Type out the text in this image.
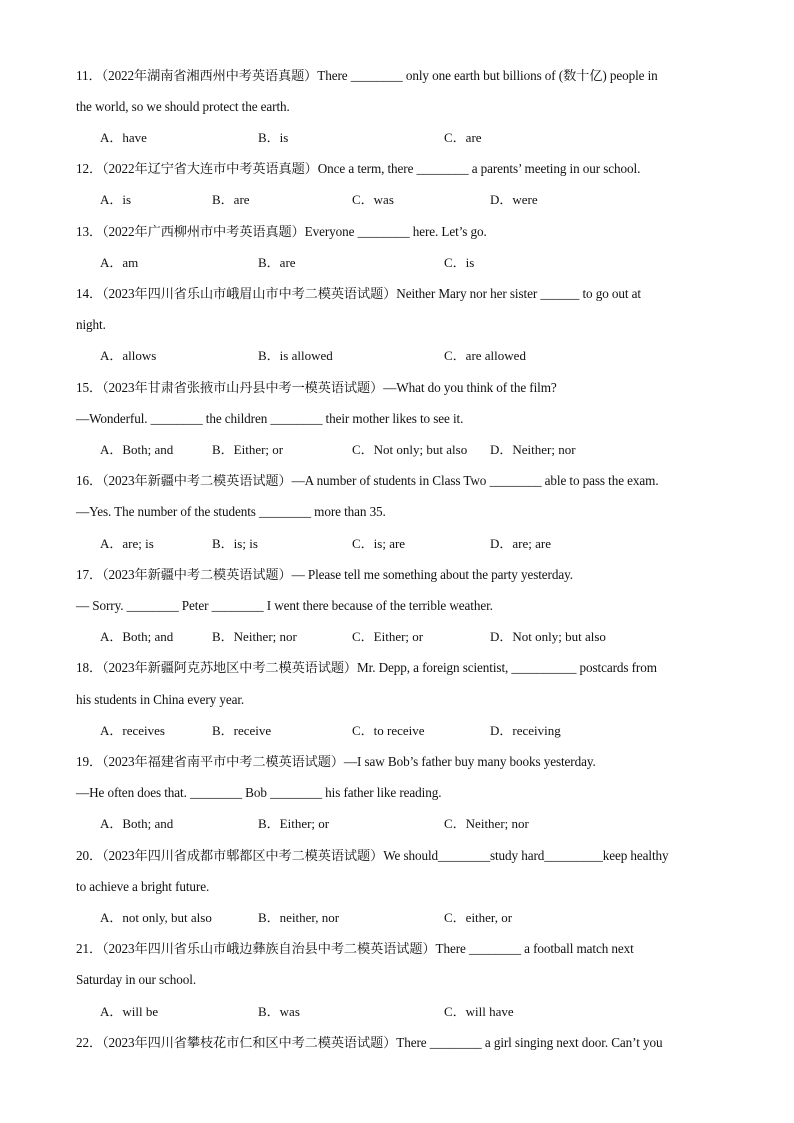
11．（2022年湖南省湘西州中考英语真题）There ________ only one earth but billions of (数十亿) people in
the world, so we should protect the earth.
A．have	B．is	C．are
12．（2022年辽宁省大连市中考英语真题）Once a term, there ________ a parents’ meeting in our school.
A．is	B．are	C．was	D．were
13．（2022年广西柳州市中考英语真题）Everyone ________ here. Let’s go.
A．am	B．are	C．is
14．（2023年四川省乐山市峨眉山市中考二模英语试题）Neither Mary nor her sister ______ to go out at
night.
A．allows	B．is allowed	C．are allowed
15．（2023年甘肃省张掖市山丹县中考一模英语试题）—What do you think of the film?
—Wonderful. ________ the children ________ their mother likes to see it.
A．Both; and	B．Either; or	C．Not only; but also D．Neither; nor
16．（2023年新疆中考二模英语试题）—A number of students in Class Two ________ able to pass the exam.
—Yes. The number of the students ________ more than 35.
A．are; is	B．is; is	C．is; are	D．are; are
17．（2023年新疆中考二模英语试题）— Please tell me something about the party yesterday.
— Sorry. ________ Peter ________ I went there because of the terrible weather.
A．Both; and	B．Neither; nor	C．Either; or	D．Not only; but also
18．（2023年新疆阿克苏地区中考二模英语试题）Mr. Depp, a foreign scientist, __________ postcards from
his students in China every year.
A．receives	B．receive	C．to receive	D．receiving
19．（2023年福建省南平市中考二模英语试题）—I saw Bob’s father buy many books yesterday.
—He often does that. ________ Bob ________ his father like reading.
A．Both; and	B．Either; or	C．Neither; nor
20．（2023年四川省成都市郫都区中考二模英语试题）We should________study hard_________keep healthy
to achieve a bright future.
A．not only, but also	B．neither, nor	C．either, or
21．（2023年四川省乐山市峨边彝族自治县中考二模英语试题）There ________ a football match next
Saturday in our school.
A．will be	B．was	C．will have
22．（2023年四川省攀枝花市仁和区中考二模英语试题）There ________ a girl singing next door. Can’t you
